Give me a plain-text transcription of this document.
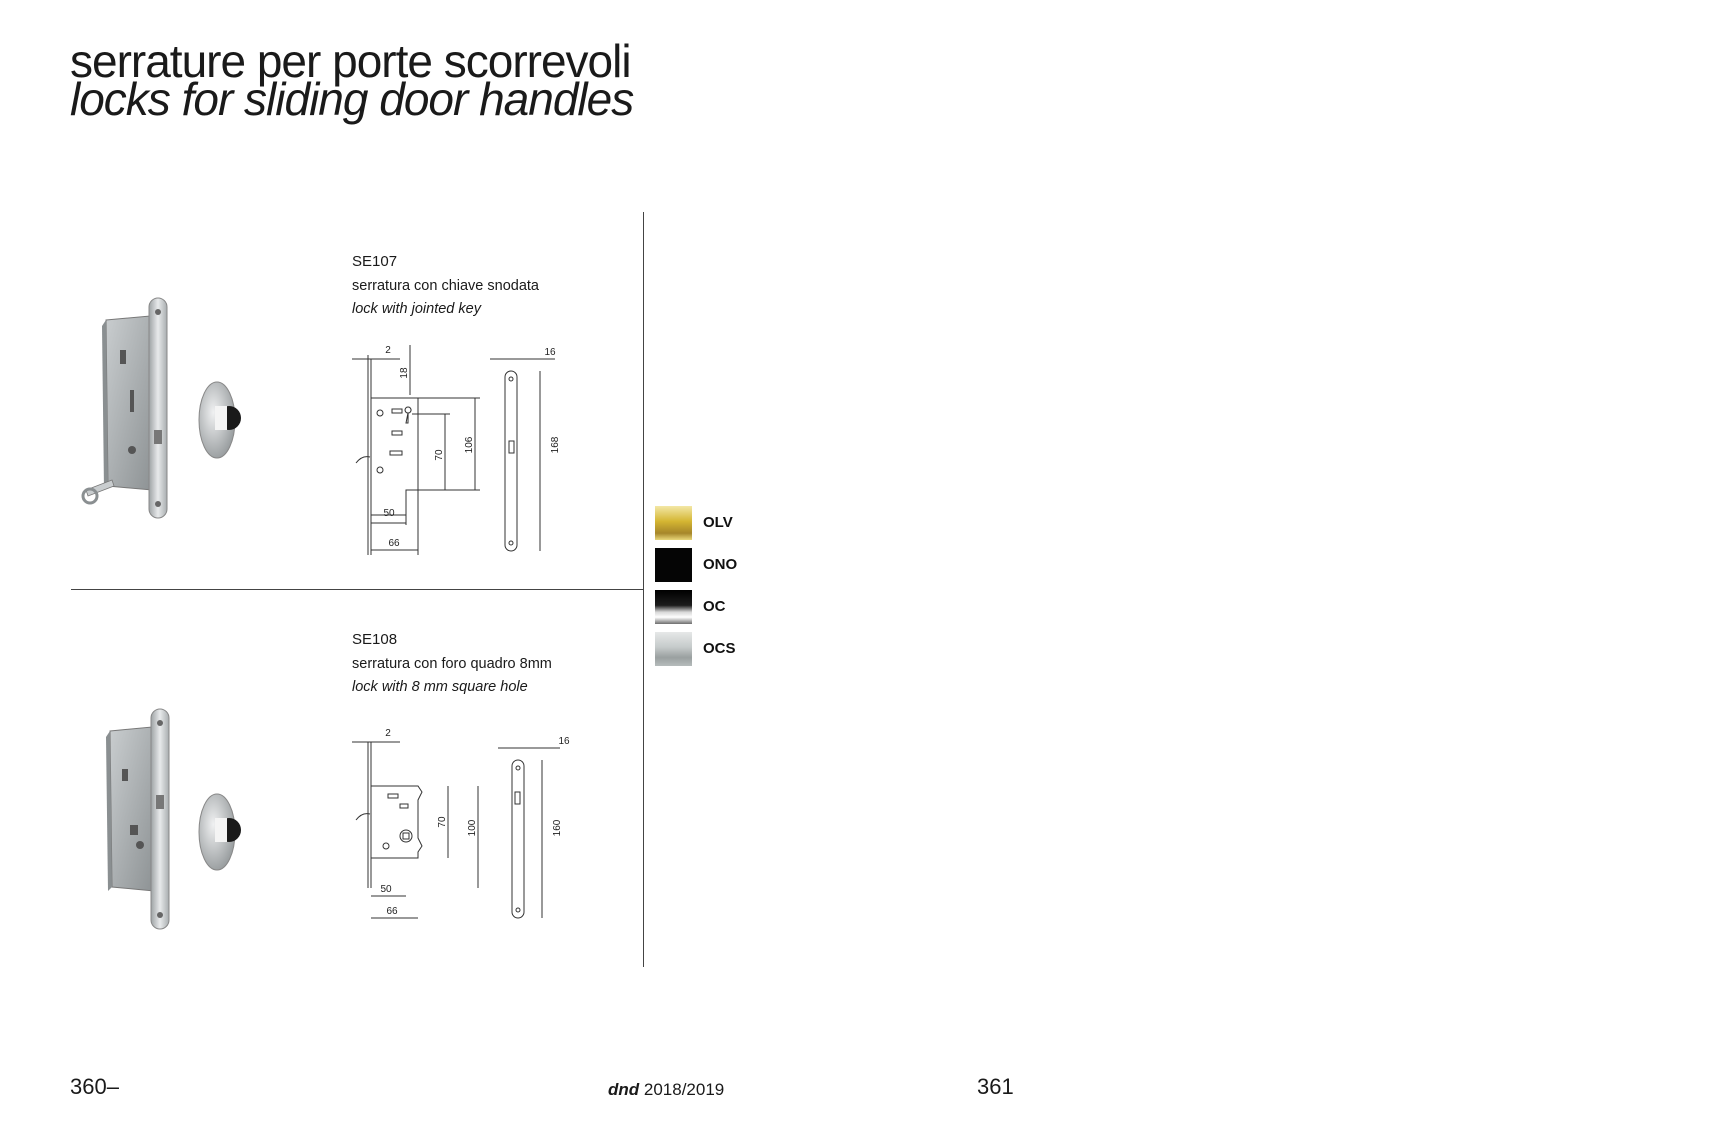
serrature per porte scorrevoli
locks for sliding door handles
SE107
serratura con chiave snodata
lock with jointed key
2
18
70
106
50
66
16
168
SE108
serratura con foro quadro 8mm
lock with 8 mm square hole
2
70 100
50
66
16
160
OLV
ONO
OC
OCS
360–	dnd 2018/2019	361
